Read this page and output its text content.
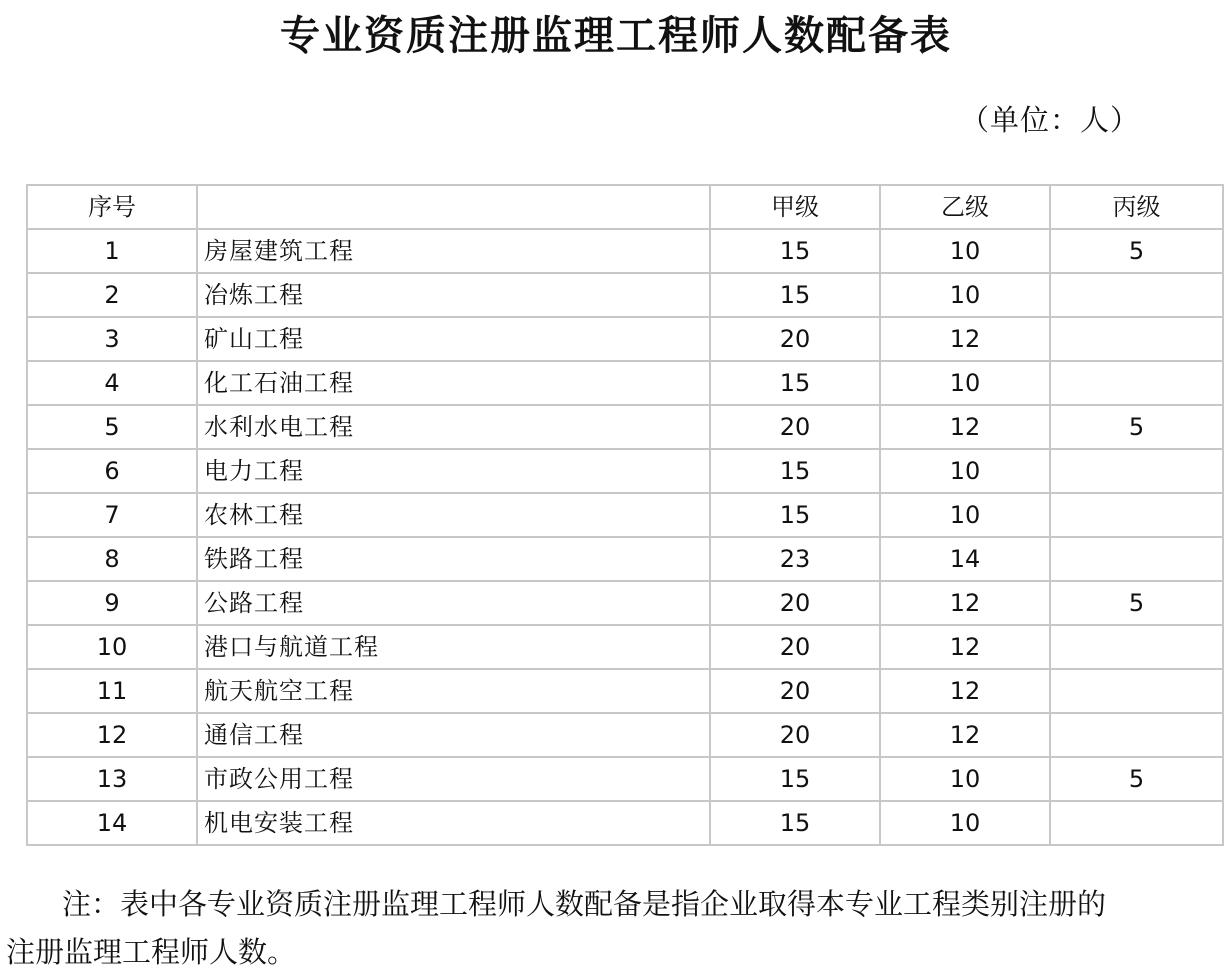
专业资质注册监理工程师人数配备表
（单位：人）
序号		甲级	乙级	丙级
1	房屋建筑工程	15	10	5
2	冶炼工程	15	10	
3	矿山工程	20	12	
4	化工石油工程	15	10	
5	水利水电工程	20	12	5
6	电力工程	15	10	
7	农林工程	15	10	
8	铁路工程	23	14	
9	公路工程	20	12	5
10	港口与航道工程	20	12	
11	航天航空工程	20	12	
12	通信工程	20	12	
13	市政公用工程	15	10	5
14	机电安装工程	15	10	
注：表中各专业资质注册监理工程师人数配备是指企业取得本专业工程类别注册的
注册监理工程师人数。
